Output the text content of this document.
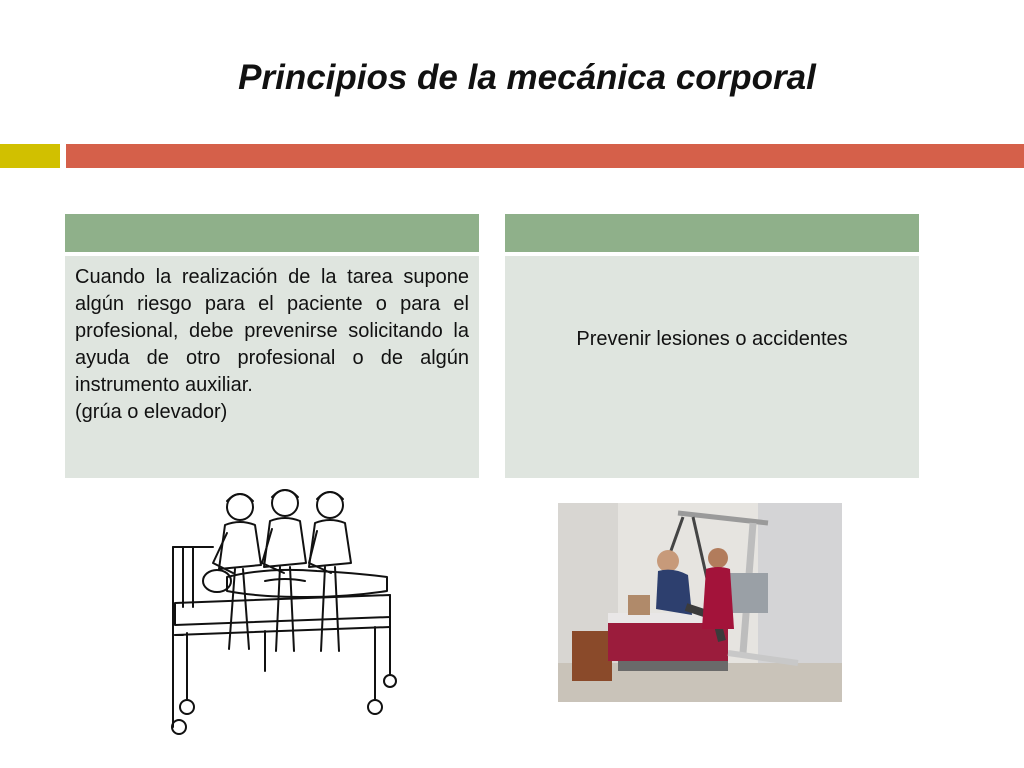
Principios de la mecánica corporal

Cuando la realización de la tarea supone algún riesgo para el paciente o para el profesional, debe prevenirse solicitando la ayuda de otro profesional o de algún instrumento auxiliar.

(grúa o elevador)

Prevenir lesiones o accidentes
